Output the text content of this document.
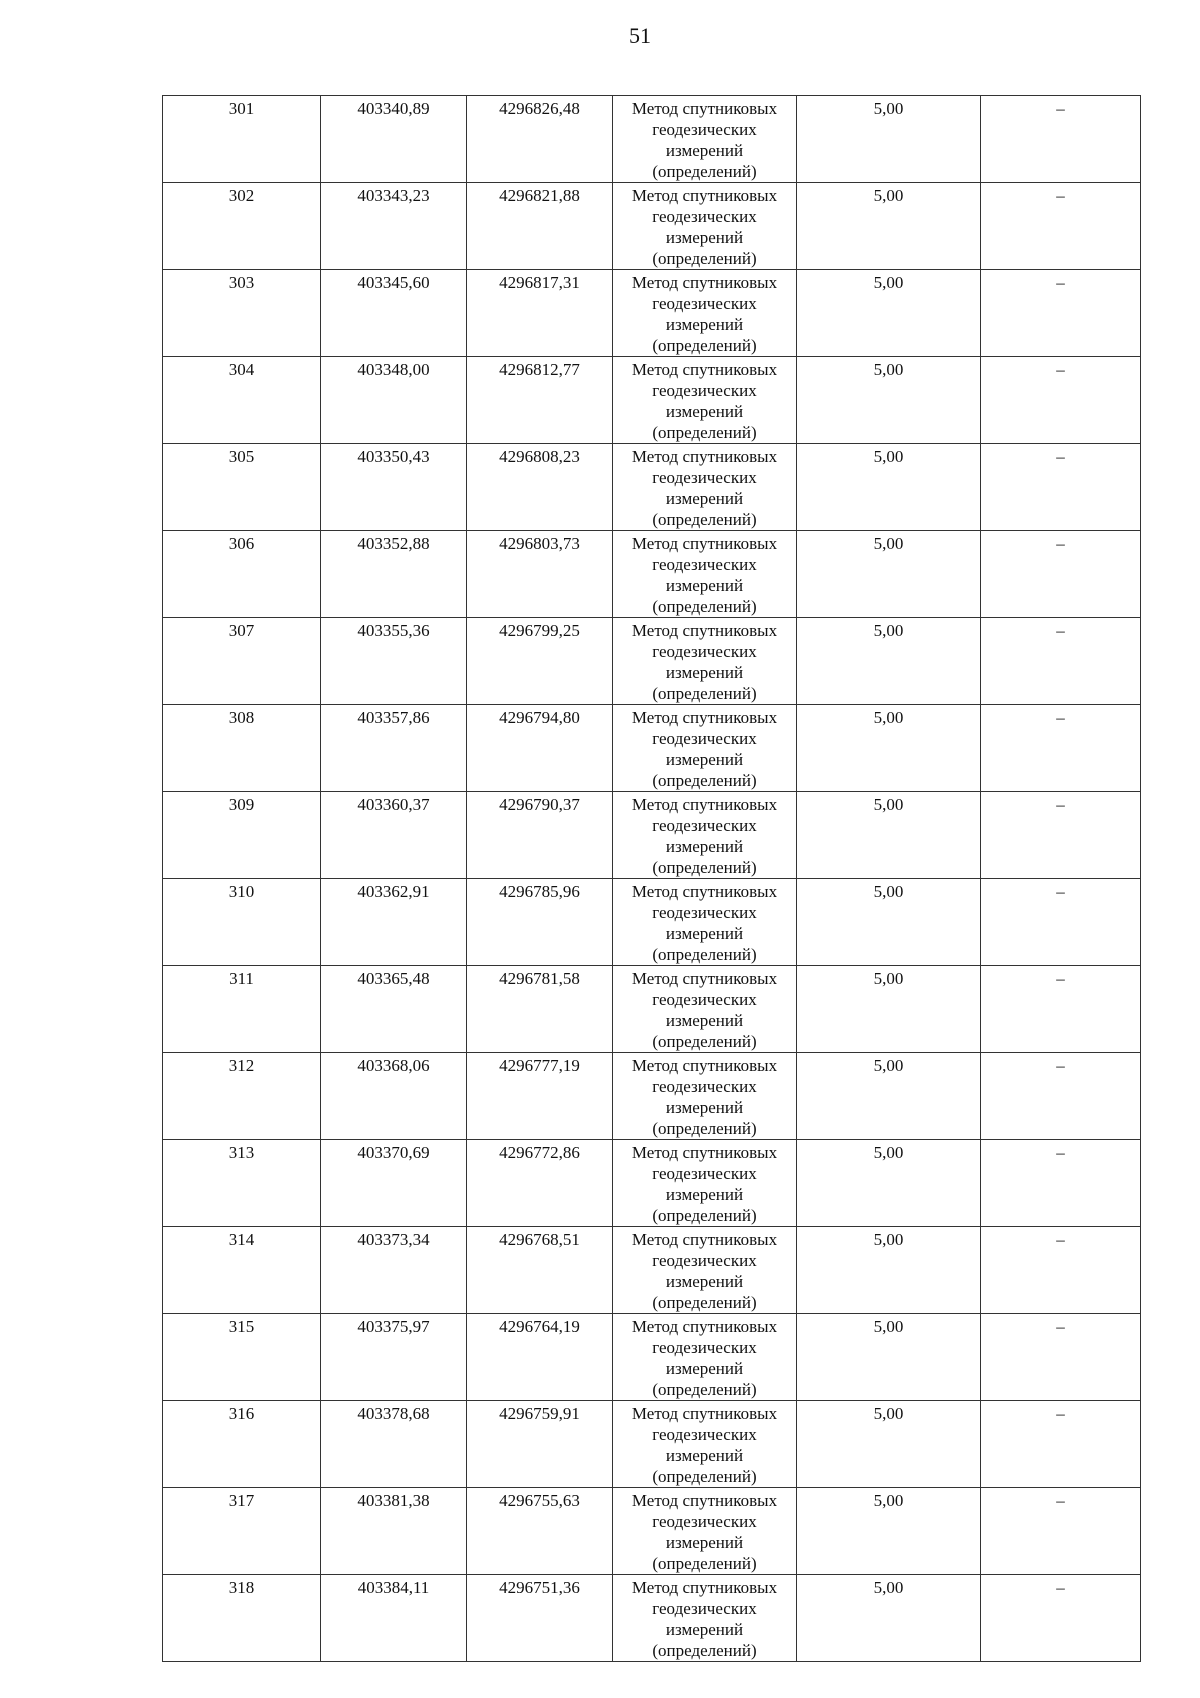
51
301	403340,89	4296826,48	Метод спутниковых геодезических измерений (определений)	5,00	–
302	403343,23	4296821,88	Метод спутниковых геодезических измерений (определений)	5,00	–
303	403345,60	4296817,31	Метод спутниковых геодезических измерений (определений)	5,00	–
304	403348,00	4296812,77	Метод спутниковых геодезических измерений (определений)	5,00	–
305	403350,43	4296808,23	Метод спутниковых геодезических измерений (определений)	5,00	–
306	403352,88	4296803,73	Метод спутниковых геодезических измерений (определений)	5,00	–
307	403355,36	4296799,25	Метод спутниковых геодезических измерений (определений)	5,00	–
308	403357,86	4296794,80	Метод спутниковых геодезических измерений (определений)	5,00	–
309	403360,37	4296790,37	Метод спутниковых геодезических измерений (определений)	5,00	–
310	403362,91	4296785,96	Метод спутниковых геодезических измерений (определений)	5,00	–
311	403365,48	4296781,58	Метод спутниковых геодезических измерений (определений)	5,00	–
312	403368,06	4296777,19	Метод спутниковых геодезических измерений (определений)	5,00	–
313	403370,69	4296772,86	Метод спутниковых геодезических измерений (определений)	5,00	–
314	403373,34	4296768,51	Метод спутниковых геодезических измерений (определений)	5,00	–
315	403375,97	4296764,19	Метод спутниковых геодезических измерений (определений)	5,00	–
316	403378,68	4296759,91	Метод спутниковых геодезических измерений (определений)	5,00	–
317	403381,38	4296755,63	Метод спутниковых геодезических измерений (определений)	5,00	–
318	403384,11	4296751,36	Метод спутниковых геодезических измерений (определений)	5,00	–
